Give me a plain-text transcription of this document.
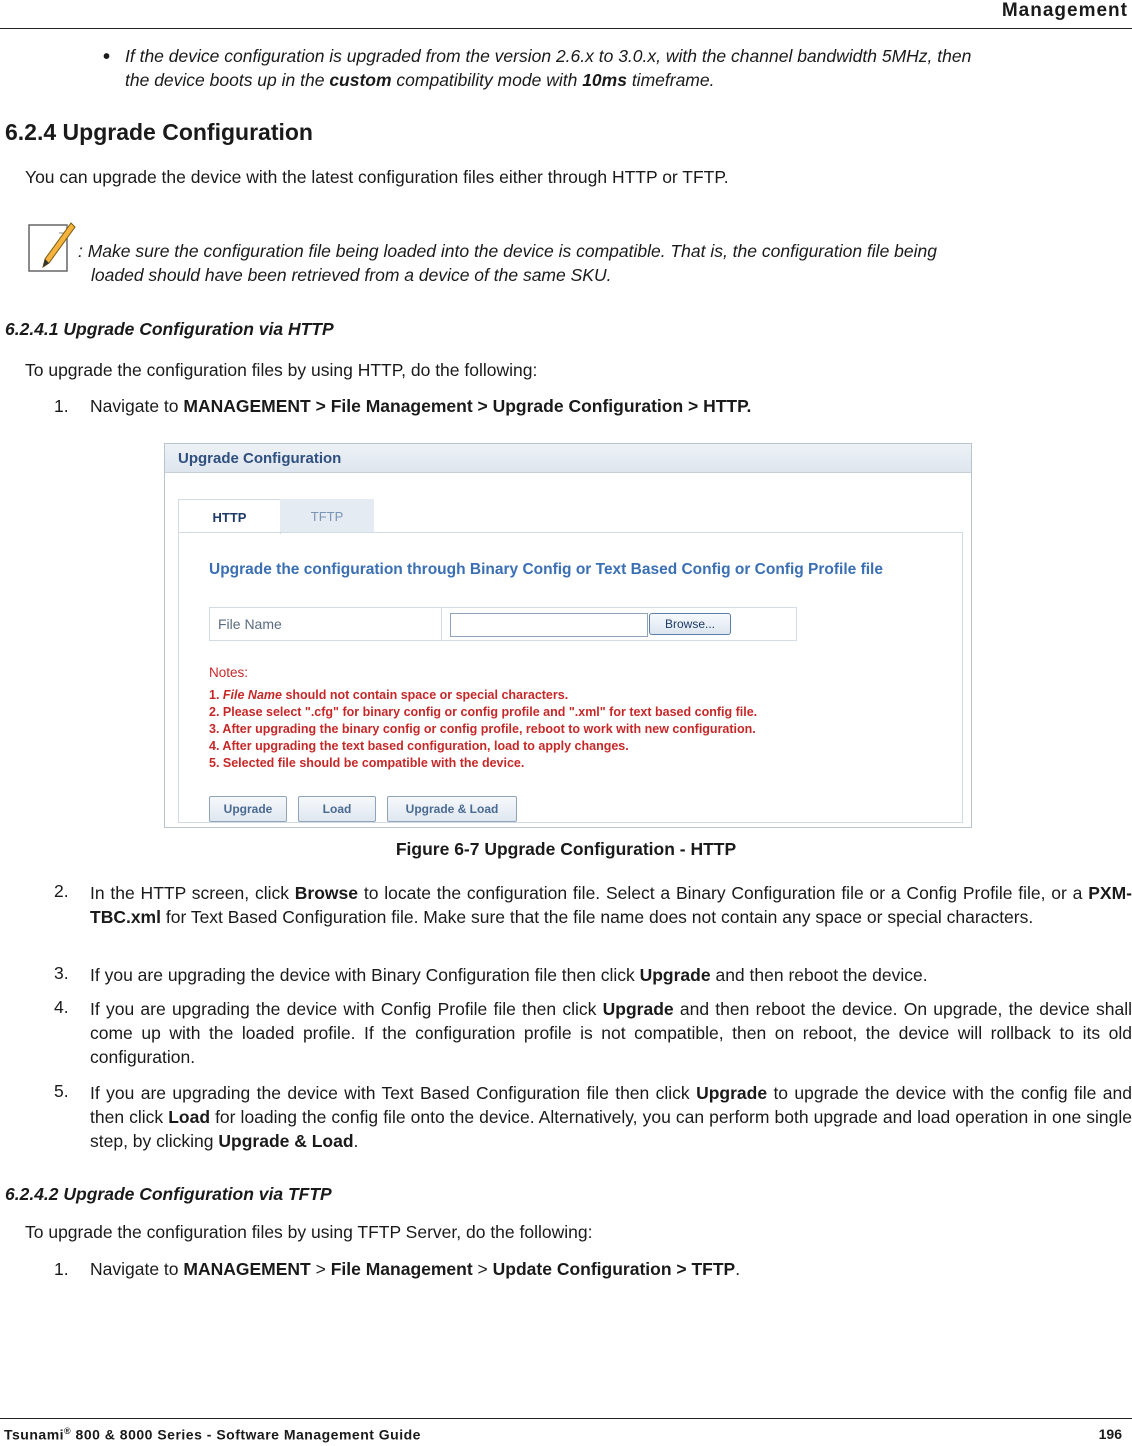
Management
• If the device configuration is upgraded from the version 2.6.x to 3.0.x, with the channel bandwidth 5MHz, then
the device boots up in the custom compatibility mode with 10ms timeframe.
6.2.4 Upgrade Configuration
You can upgrade the device with the latest configuration files either through HTTP or TFTP.
: Make sure the configuration file being loaded into the device is compatible. That is, the configuration file being
loaded should have been retrieved from a device of the same SKU.
6.2.4.1 Upgrade Configuration via HTTP
To upgrade the configuration files by using HTTP, do the following:
1. Navigate to MANAGEMENT > File Management > Upgrade Configuration > HTTP.
Upgrade Configuration
HTTP	TFTP
Upgrade the configuration through Binary Config or Text Based Config or Config Profile file
File Name	Browse...
Notes:
1. File Name should not contain space or special characters.
2. Please select ".cfg" for binary config or config profile and ".xml" for text based config file.
3. After upgrading the binary config or config profile, reboot to work with new configuration.
4. After upgrading the text based configuration, load to apply changes.
5. Selected file should be compatible with the device.
Upgrade	Load	Upgrade & Load
Figure 6-7 Upgrade Configuration - HTTP
2. In the HTTP screen, click Browse to locate the configuration file. Select a Binary Configuration file or a Config Profile file, or a PXM-TBC.xml for Text Based Configuration file. Make sure that the file name does not contain any space or special characters.
3. If you are upgrading the device with Binary Configuration file then click Upgrade and then reboot the device.
4. If you are upgrading the device with Config Profile file then click Upgrade and then reboot the device. On upgrade, the device shall come up with the loaded profile. If the configuration profile is not compatible, then on reboot, the device will rollback to its old configuration.
5. If you are upgrading the device with Text Based Configuration file then click Upgrade to upgrade the device with the config file and then click Load for loading the config file onto the device. Alternatively, you can perform both upgrade and load operation in one single step, by clicking Upgrade & Load.
6.2.4.2 Upgrade Configuration via TFTP
To upgrade the configuration files by using TFTP Server, do the following:
1. Navigate to MANAGEMENT > File Management > Update Configuration > TFTP.
Tsunami® 800 & 8000 Series - Software Management Guide	196
